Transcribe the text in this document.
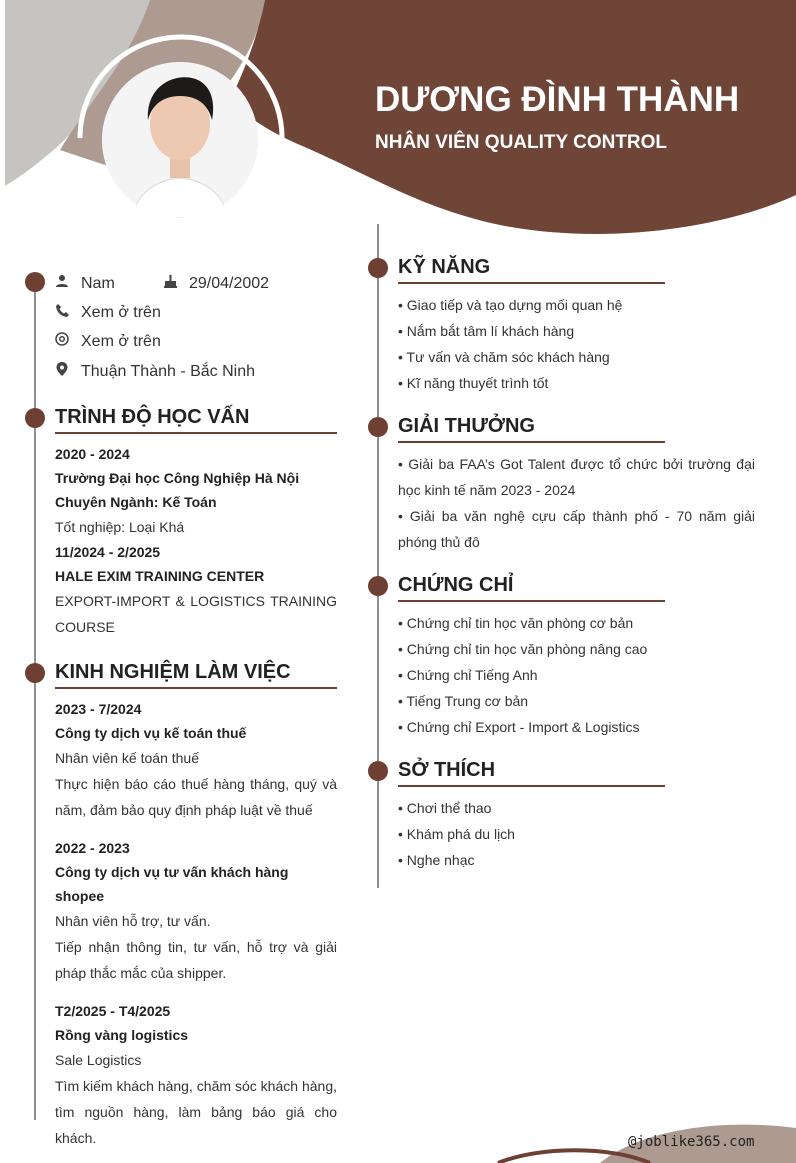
DƯƠNG ĐÌNH THÀNH
NHÂN VIÊN QUALITY CONTROL
Nam	29/04/2002
Xem ở trên
Xem ở trên
Thuận Thành - Bắc Ninh
TRÌNH ĐỘ HỌC VẤN
2020 - 2024
Trường Đại học Công Nghiệp Hà Nội
Chuyên Ngành: Kế Toán
Tốt nghiệp: Loại Khá
11/2024 - 2/2025
HALE EXIM TRAINING CENTER
EXPORT-IMPORT & LOGISTICS TRAINING COURSE
KINH NGHIỆM LÀM VIỆC
2023 - 7/2024
Công ty dịch vụ kế toán thuế
Nhân viên kế toán thuế
Thực hiện báo cáo thuế hàng tháng, quý và năm, đảm bảo quy định pháp luật về thuế
2022 - 2023
Công ty dịch vụ tư vấn khách hàng shopee
Nhân viên hỗ trợ, tư vấn.
Tiếp nhận thông tin, tư vấn, hỗ trợ và giải pháp thắc mắc của shipper.
T2/2025 - T4/2025
Rồng vàng logistics
Sale Logistics
Tìm kiếm khách hàng, chăm sóc khách hàng, tìm nguồn hàng, làm bảng báo giá cho khách.
KỸ NĂNG
• Giao tiếp và tạo dựng mối quan hệ
• Nắm bắt tâm lí khách hàng
• Tư vấn và chăm sóc khách hàng
• Kĩ năng thuyết trình tốt
GIẢI THƯỞNG
• Giải ba FAA’s Got Talent được tổ chức bởi trường đại học kinh tế năm 2023 - 2024
• Giải ba văn nghệ cựu cấp thành phố - 70 năm giải phóng thủ đô
CHỨNG CHỈ
• Chứng chỉ tin học văn phòng cơ bản
• Chứng chỉ tin học văn phòng nâng cao
• Chứng chỉ Tiếng Anh
• Tiếng Trung cơ bản
• Chứng chỉ Export - Import & Logistics
SỞ THÍCH
• Chơi thể thao
• Khám phá du lịch
• Nghe nhạc
@joblike365.com
